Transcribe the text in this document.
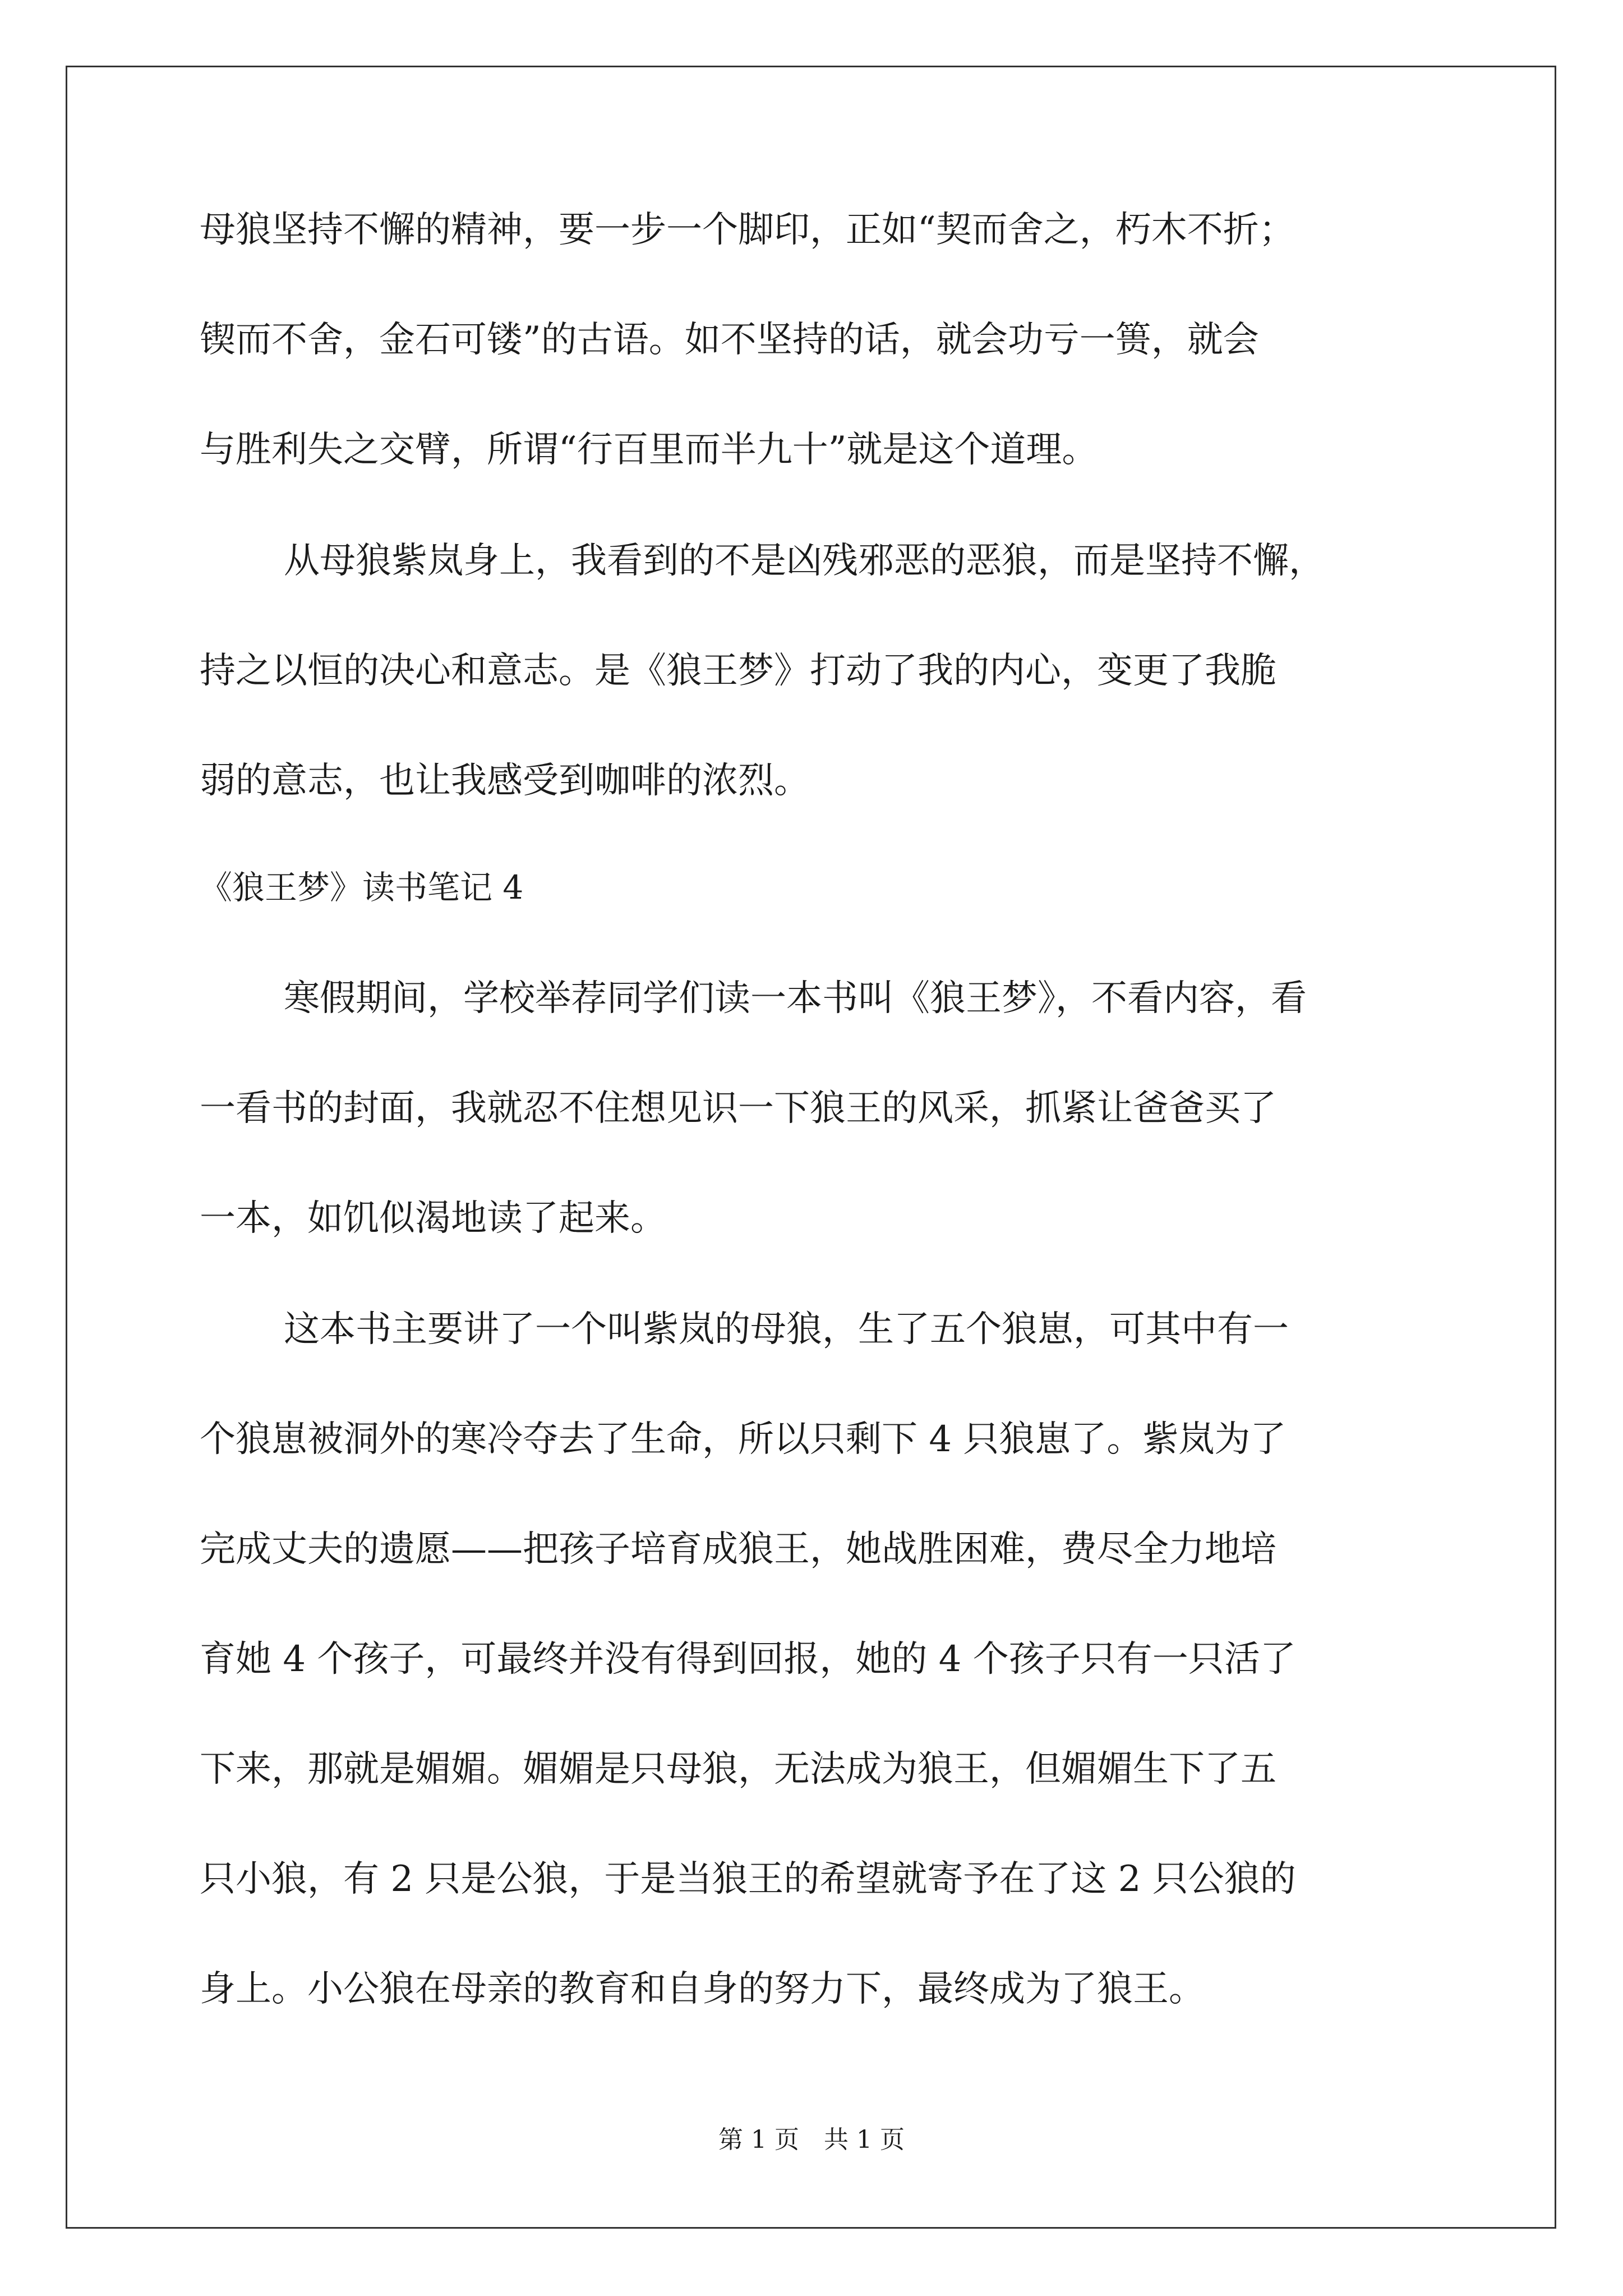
母狼坚持不懈的精神，要一步一个脚印，正如“契而舍之，朽木不折；
锲而不舍，金石可镂”的古语。如不坚持的话，就会功亏一篑，就会
与胜利失之交臂，所谓“行百里而半九十”就是这个道理。
从母狼紫岚身上，我看到的不是凶残邪恶的恶狼，而是坚持不懈，
持之以恒的决心和意志。是《狼王梦》打动了我的内心，变更了我脆
弱的意志，也让我感受到咖啡的浓烈。
《狼王梦》读书笔记 4
寒假期间，学校举荐同学们读一本书叫《狼王梦》，不看内容，看
一看书的封面，我就忍不住想见识一下狼王的风采，抓紧让爸爸买了
一本，如饥似渴地读了起来。
这本书主要讲了一个叫紫岚的母狼，生了五个狼崽，可其中有一
个狼崽被洞外的寒冷夺去了生命，所以只剩下 4 只狼崽了。紫岚为了
完成丈夫的遗愿——把孩子培育成狼王，她战胜困难，费尽全力地培
育她 4 个孩子，可最终并没有得到回报，她的 4 个孩子只有一只活了
下来，那就是媚媚。媚媚是只母狼，无法成为狼王，但媚媚生下了五
只小狼，有 2 只是公狼，于是当狼王的希望就寄予在了这 2 只公狼的
身上。小公狼在母亲的教育和自身的努力下，最终成为了狼王。
第 1 页　共 1 页
